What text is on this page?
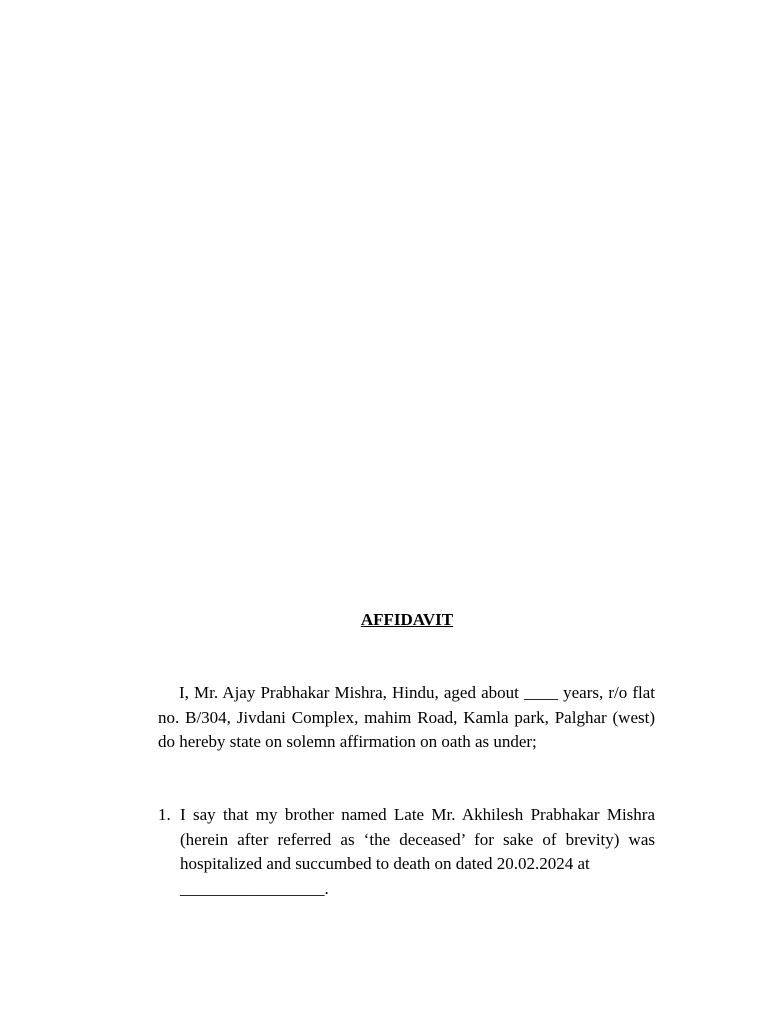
AFFIDAVIT
I, Mr. Ajay Prabhakar Mishra, Hindu, aged about ____ years, r/o flat no. B/304, Jivdani Complex, mahim Road, Kamla park, Palghar (west) do hereby state on solemn affirmation on oath as under;
1. I say that my brother named Late Mr. Akhilesh Prabhakar Mishra (herein after referred as ‘the deceased’ for sake of brevity) was hospitalized and succumbed to death on dated 20.02.2024 at
_________________.
